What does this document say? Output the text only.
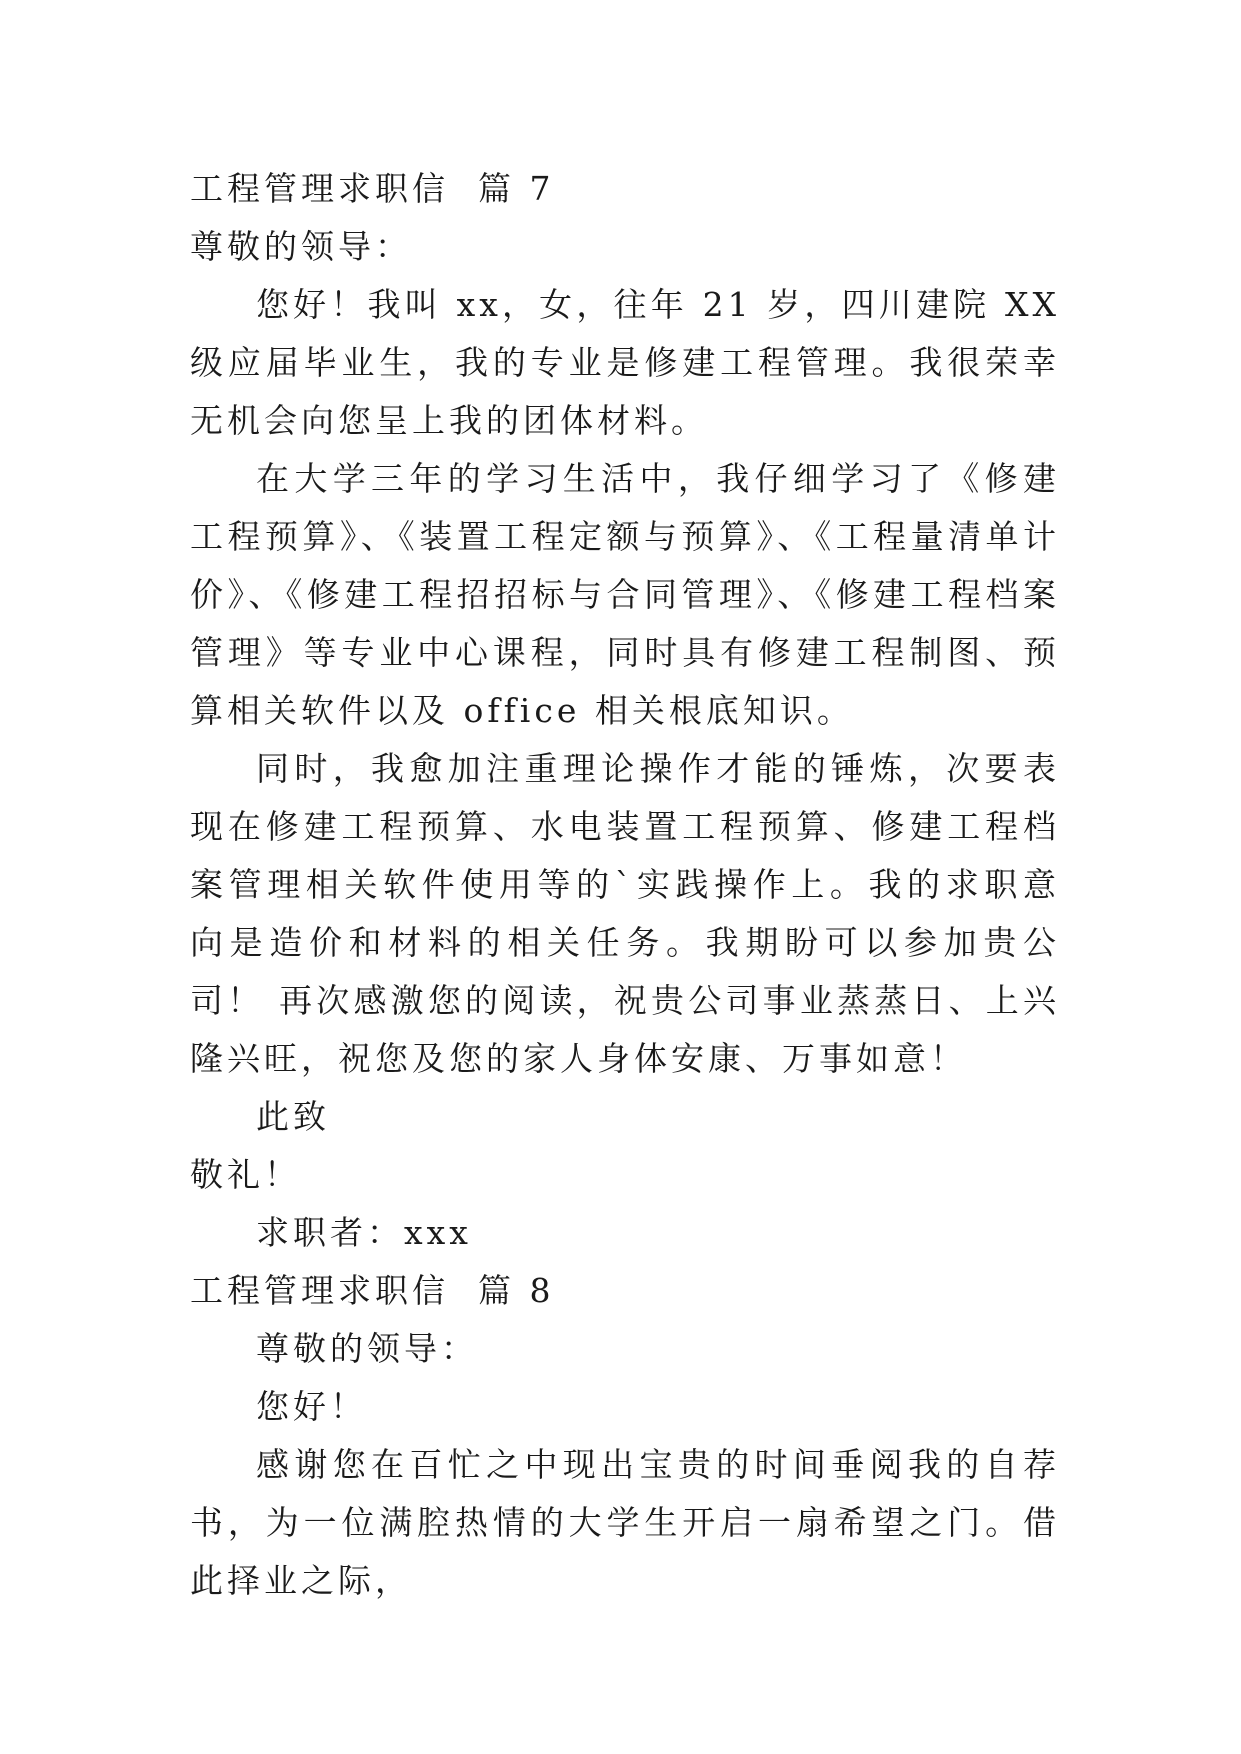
工程管理求职信  篇 7

尊敬的领导：

您好！我叫 xx，女，往年 21 岁，四川建院 XX 级应届毕业生，我的专业是修建工程管理。我很荣幸无机会向您呈上我的团体材料。

在大学三年的学习生活中，我仔细学习了《修建工程预算》、《装置工程定额与预算》、《工程量清单计价》、《修建工程招招标与合同管理》、《修建工程档案管理》等专业中心课程，同时具有修建工程制图、预算相关软件以及 office 相关根底知识。

同时，我愈加注重理论操作才能的锤炼，次要表现在修建工程预算、水电装置工程预算、修建工程档案管理相关软件使用等的`实践操作上。我的求职意向是造价和材料的相关任务。我期盼可以参加贵公司！ 再次感激您的阅读，祝贵公司事业蒸蒸日、上兴隆兴旺，祝您及您的家人身体安康、万事如意！

此致

敬礼！

求职者：xxx

工程管理求职信  篇 8

尊敬的领导：

您好！

感谢您在百忙之中现出宝贵的时间垂阅我的自荐书，为一位满腔热情的大学生开启一扇希望之门。借此择业之际，
